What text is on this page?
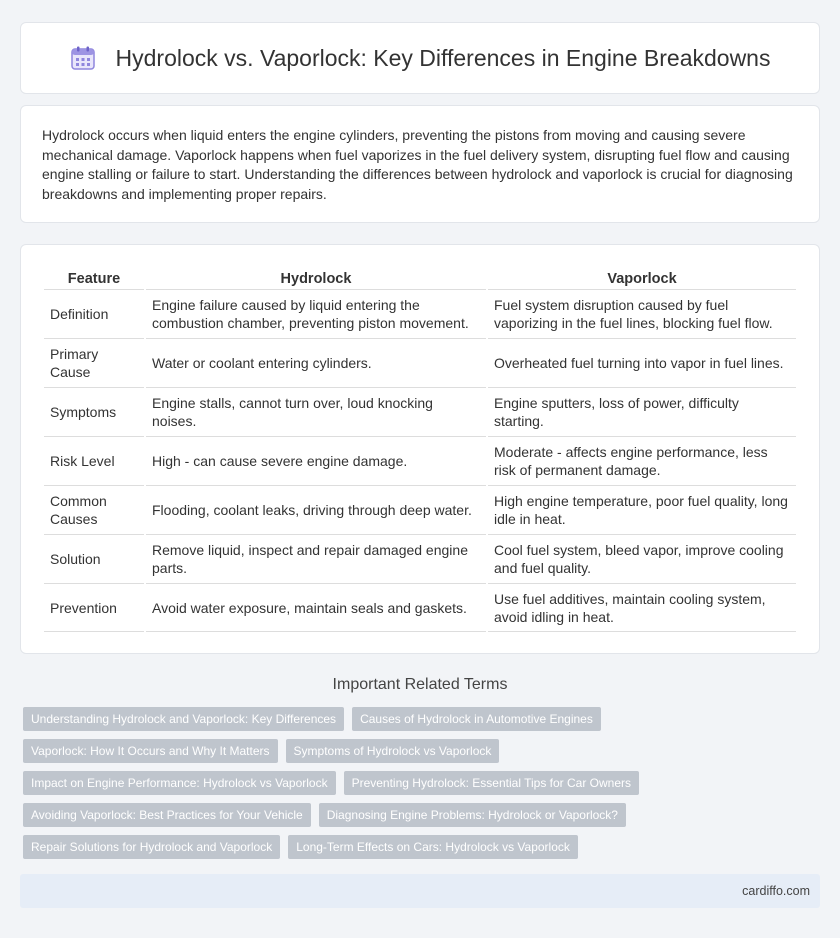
Hydrolock vs. Vaporlock: Key Differences in Engine Breakdowns

Hydrolock occurs when liquid enters the engine cylinders, preventing the pistons from moving and causing severe mechanical damage. Vaporlock happens when fuel vaporizes in the fuel delivery system, disrupting fuel flow and causing engine stalling or failure to start. Understanding the differences between hydrolock and vaporlock is crucial for diagnosing breakdowns and implementing proper repairs.

Feature	Hydrolock	Vaporlock
Definition	Engine failure caused by liquid entering the combustion chamber, preventing piston movement.	Fuel system disruption caused by fuel vaporizing in the fuel lines, blocking fuel flow.
Primary Cause	Water or coolant entering cylinders.	Overheated fuel turning into vapor in fuel lines.
Symptoms	Engine stalls, cannot turn over, loud knocking noises.	Engine sputters, loss of power, difficulty starting.
Risk Level	High - can cause severe engine damage.	Moderate - affects engine performance, less risk of permanent damage.
Common Causes	Flooding, coolant leaks, driving through deep water.	High engine temperature, poor fuel quality, long idle in heat.
Solution	Remove liquid, inspect and repair damaged engine parts.	Cool fuel system, bleed vapor, improve cooling and fuel quality.
Prevention	Avoid water exposure, maintain seals and gaskets.	Use fuel additives, maintain cooling system, avoid idling in heat.
Important Related Terms
Understanding Hydrolock and Vaporlock: Key Differences	Causes of Hydrolock in Automotive Engines
Vaporlock: How It Occurs and Why It Matters	Symptoms of Hydrolock vs Vaporlock
Impact on Engine Performance: Hydrolock vs Vaporlock	Preventing Hydrolock: Essential Tips for Car Owners
Avoiding Vaporlock: Best Practices for Your Vehicle	Diagnosing Engine Problems: Hydrolock or Vaporlock?
Repair Solutions for Hydrolock and Vaporlock	Long-Term Effects on Cars: Hydrolock vs Vaporlock
cardiffo.com
